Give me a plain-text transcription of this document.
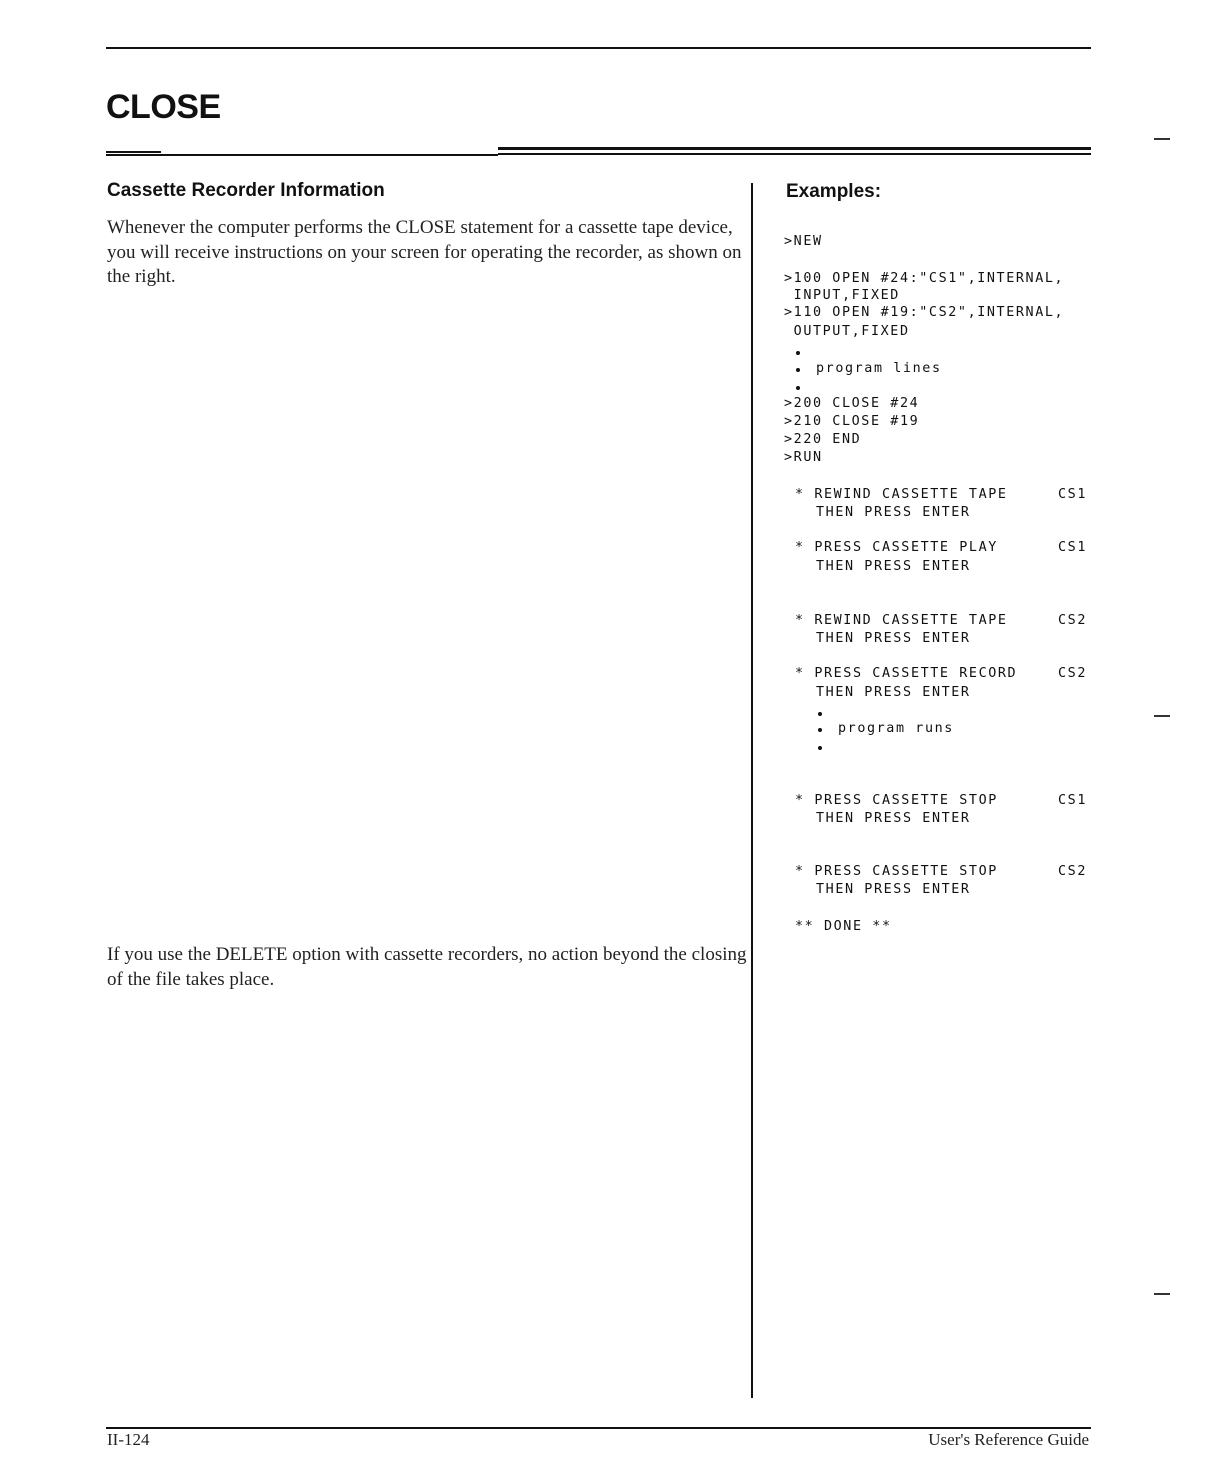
CLOSE
Cassette Recorder Information

Whenever the computer performs the CLOSE statement for a cassette tape device, you will receive instructions on your screen for operating the recorder, as shown on the right.

If you use the DELETE option with cassette recorders, no action beyond the closing of the file takes place.

Examples:
>NEW
>100 OPEN #24:"CS1",INTERNAL,
INPUT,FIXED
>110 OPEN #19:"CS2",INTERNAL,
OUTPUT,FIXED
program lines
>200 CLOSE #24
>210 CLOSE #19
>220 END
>RUN
* REWIND CASSETTE TAPE	CS1
THEN PRESS ENTER
* PRESS CASSETTE PLAY	CS1
THEN PRESS ENTER
* REWIND CASSETTE TAPE	CS2
THEN PRESS ENTER
* PRESS CASSETTE RECORD	CS2
THEN PRESS ENTER
program runs
* PRESS CASSETTE STOP	CS1
THEN PRESS ENTER
* PRESS CASSETTE STOP	CS2
THEN PRESS ENTER
** DONE **

II-124	User's Reference Guide
